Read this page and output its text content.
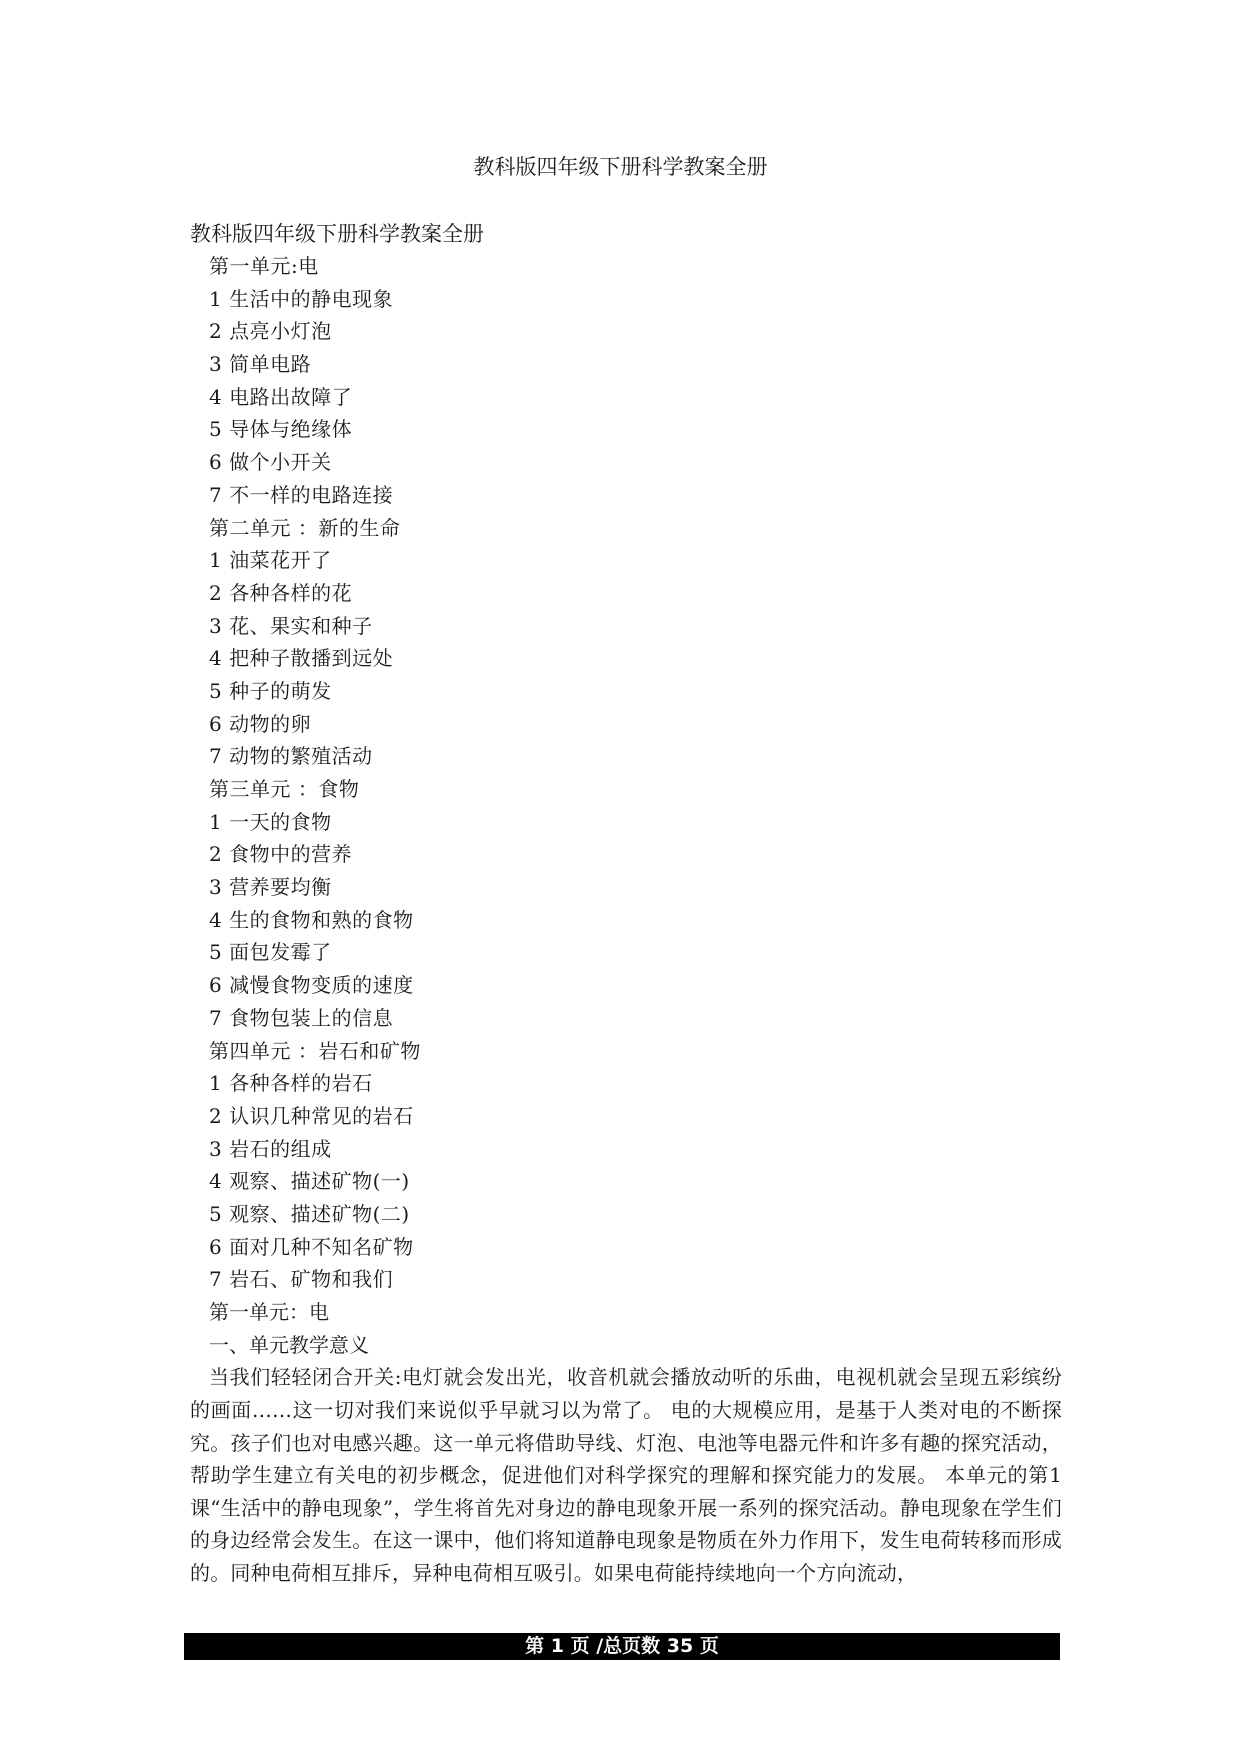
教科版四年级下册科学教案全册
教科版四年级下册科学教案全册
第一单元:电
1 生活中的静电现象
2 点亮小灯泡
3 简单电路
4 电路出故障了
5 导体与绝缘体
6 做个小开关
7 不一样的电路连接
第二单元 ：新的生命
1 油菜花开了
2 各种各样的花
3 花、果实和种子
4 把种子散播到远处
5 种子的萌发
6 动物的卵
7 动物的繁殖活动
第三单元 ：食物
1 一天的食物
2 食物中的营养
3 营养要均衡
4 生的食物和熟的食物
5 面包发霉了
6 减慢食物变质的速度
7 食物包装上的信息
第四单元 ：岩石和矿物
1 各种各样的岩石
2 认识几种常见的岩石
3 岩石的组成
4 观察、描述矿物(一)
5 观察、描述矿物(二)
6 面对几种不知名矿物
7 岩石、矿物和我们
第一单元：电
一、单元教学意义

当我们轻轻闭合开关:电灯就会发出光，收音机就会播放动听的乐曲，电视机就会呈现五彩缤纷的画面……这一切对我们来说似乎早就习以为常了。 电的大规模应用，是基于人类对电的不断探究。孩子们也对电感兴趣。这一单元将借助导线、灯泡、电池等电器元件和许多有趣的探究活动，帮助学生建立有关电的初步概念，促进他们对科学探究的理解和探究能力的发展。 本单元的第1课“生活中的静电现象”，学生将首先对身边的静电现象开展一系列的探究活动。静电现象在学生们的身边经常会发生。在这一课中，他们将知道静电现象是物质在外力作用下，发生电荷转移而形成的。同种电荷相互排斥，异种电荷相互吸引。如果电荷能持续地向一个方向流动，

第 1 页 /总页数 35 页
